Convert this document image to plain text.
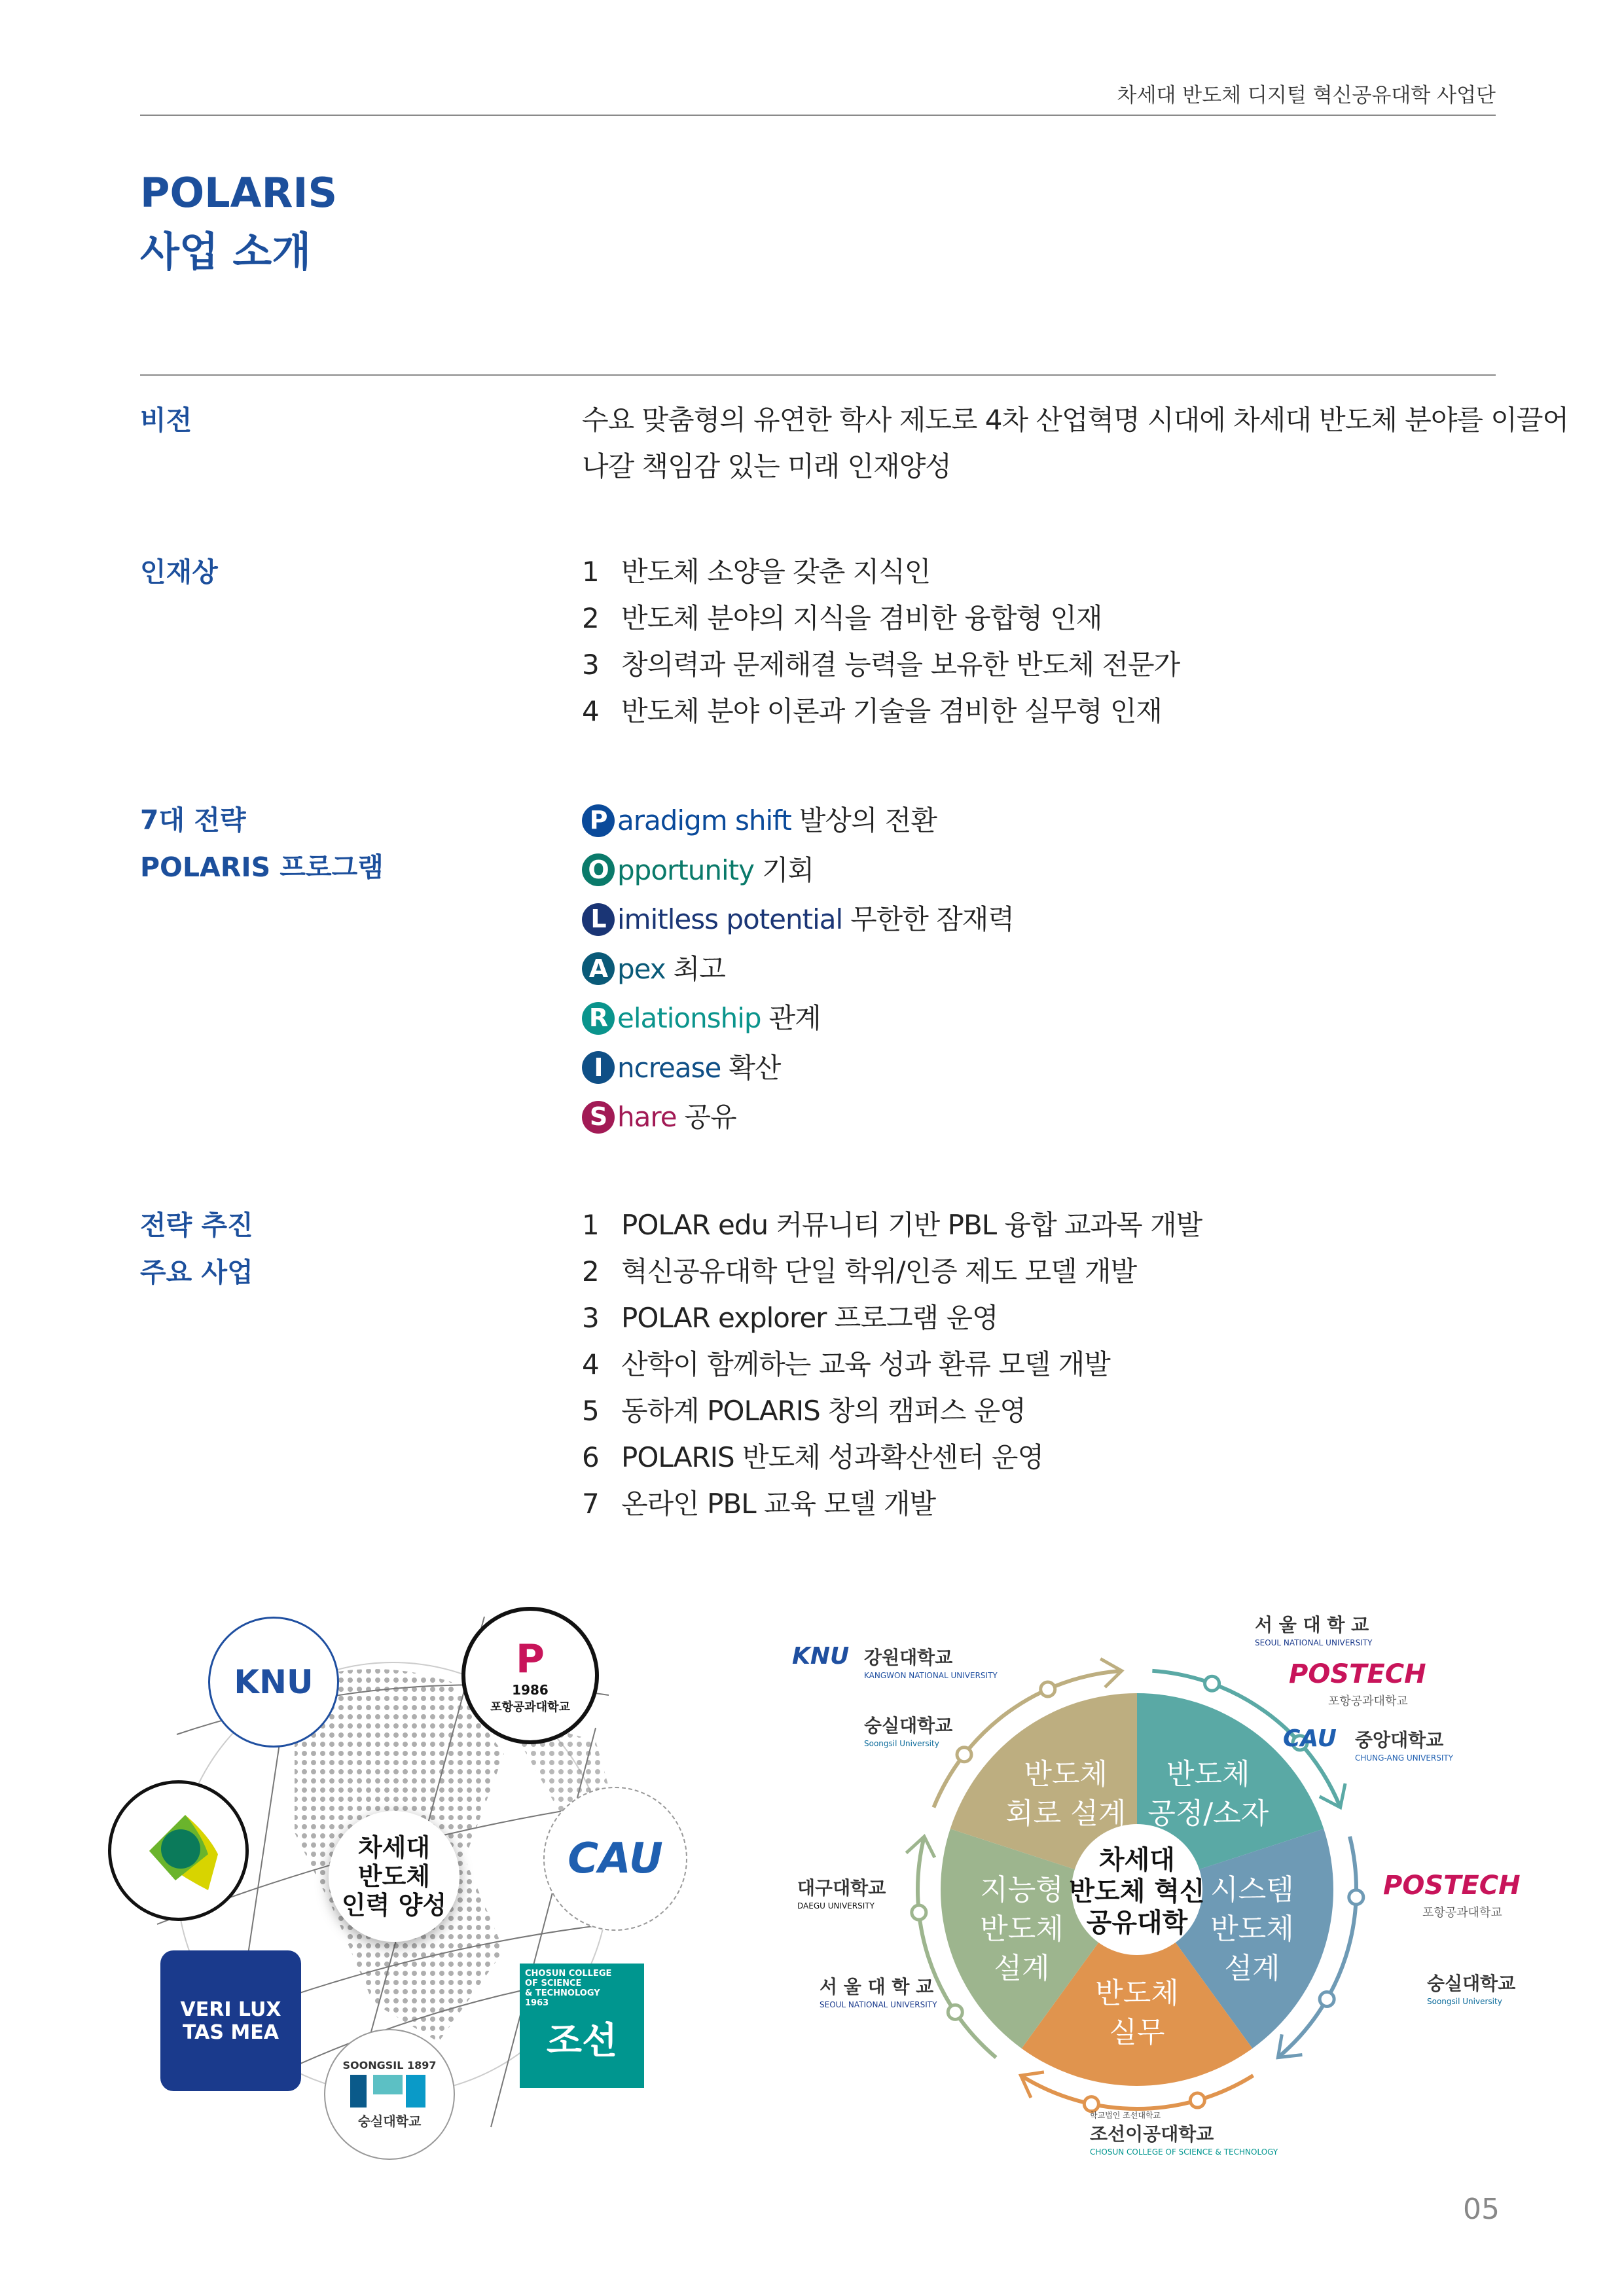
차세대 반도체 디지털 혁신공유대학 사업단
POLARIS
사업 소개
비전	수요 맞춤형의 유연한 학사 제도로 4차 산업혁명 시대에 차세대 반도체 분야를 이끌어
나갈 책임감 있는 미래 인재양성
인재상	1 반도체 소양을 갖춘 지식인
2 반도체 분야의 지식을 겸비한 융합형 인재
3 창의력과 문제해결 능력을 보유한 반도체 전문가
4 반도체 분야 이론과 기술을 겸비한 실무형 인재
7대 전략
POLARIS 프로그램
P aradigm shift 발상의 전환
O pportunity 기회
L imitless potential 무한한 잠재력
A pex 최고
R elationship 관계
I ncrease 확산
S hare 공유
전략 추진
주요 사업
1 POLAR edu 커뮤니티 기반 PBL 융합 교과목 개발
2 혁신공유대학 단일 학위/인증 제도 모델 개발
3 POLAR explorer 프로그램 운영
4 산학이 함께하는 교육 성과 환류 모델 개발
5 동하계 POLARIS 창의 캠퍼스 운영
6 POLARIS 반도체 성과확산센터 운영
7 온라인 PBL 교육 모델 개발
차세대
반도체
인력 양성
KNU	P
1986
포항공과대학교
CAU
VERI LUX TAS MEA
SOONGSIL 1897
숭실대학교
CHOSUN COLLEGE
OF SCIENCE
& TECHNOLOGY
1963
조선
반도체
공정/소자
시스템
반도체
설계
반도체
실무
지능형
반도체
설계
반도체
회로 설계
차세대
반도체 혁신
공유대학
서 울 대 학 교
SEOUL NATIONAL UNIVERSITY
POSTECH
포항공과대학교
CAU 중앙대학교
CHUNG-ANG UNIVERSITY
POSTECH
포항공과대학교
숭실대학교
Soongsil University
학교법인 조선대학교
조선이공대학교
CHOSUN COLLEGE OF SCIENCE & TECHNOLOGY
서 울 대 학 교
SEOUL NATIONAL UNIVERSITY
대구대학교
DAEGU UNIVERSITY
숭실대학교
Soongsil University
KNU 강원대학교
KANGWON NATIONAL UNIVERSITY
05
